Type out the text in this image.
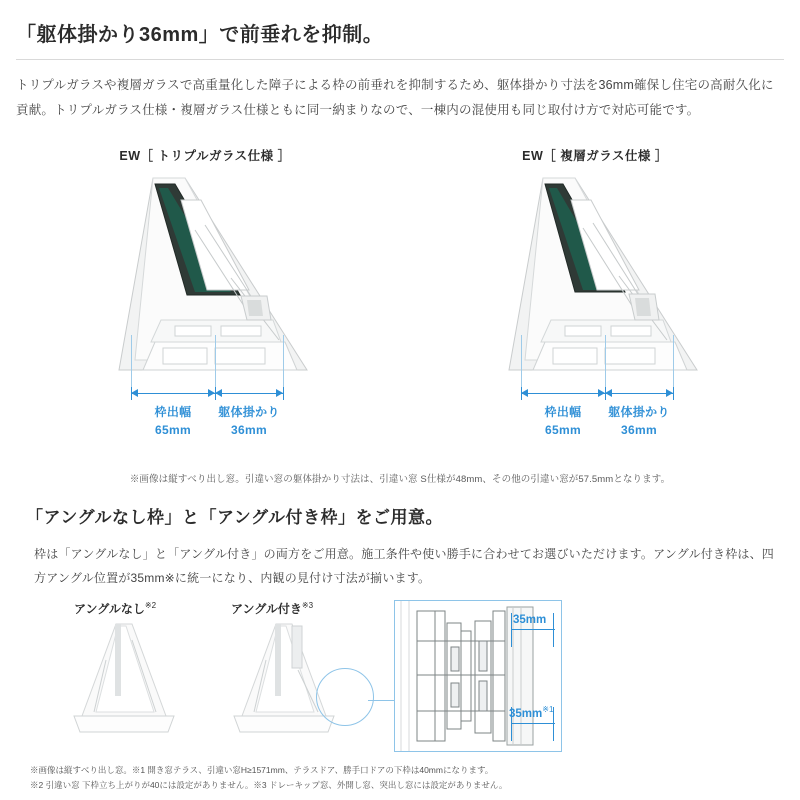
「躯体掛かり36mm」で前垂れを抑制。

トリプルガラスや複層ガラスで高重量化した障子による枠の前垂れを抑制するため、躯体掛かり寸法を36mm確保し住宅の高耐久化に貢献。トリプルガラス仕様・複層ガラス仕様ともに同一納まりなので、一棟内の混使用も同じ取付け方で対応可能です。

EW［ トリプルガラス仕様 ］
枠出幅
65mm
躯体掛かり
36mm
EW［ 複層ガラス仕様 ］
枠出幅
65mm
躯体掛かり
36mm
※画像は縦すべり出し窓。引違い窓の躯体掛かり寸法は、引違い窓 S仕様が48mm、その他の引違い窓が57.5mmとなります。
「アングルなし枠」と「アングル付き枠」をご用意。

枠は「アングルなし」と「アングル付き」の両方をご用意。施工条件や使い勝手に合わせてお選びいただけます。アングル付き枠は、四方アングル位置が35mm※に統一になり、内観の見付け寸法が揃います。

アングルなし$^{※2}$	アングル付き$^{※3}$
35mm
$35mm^{※1}$
※画像は縦すべり出し窓。※1 開き窓テラス、引違い窓H≥1571mm、テラスドア、勝手口ドアの下枠は40mmになります。
※2 引違い窓 下枠立ち上がりが40には設定がありません。※3 ドレーキップ窓、外開し窓、突出し窓には設定がありません。
